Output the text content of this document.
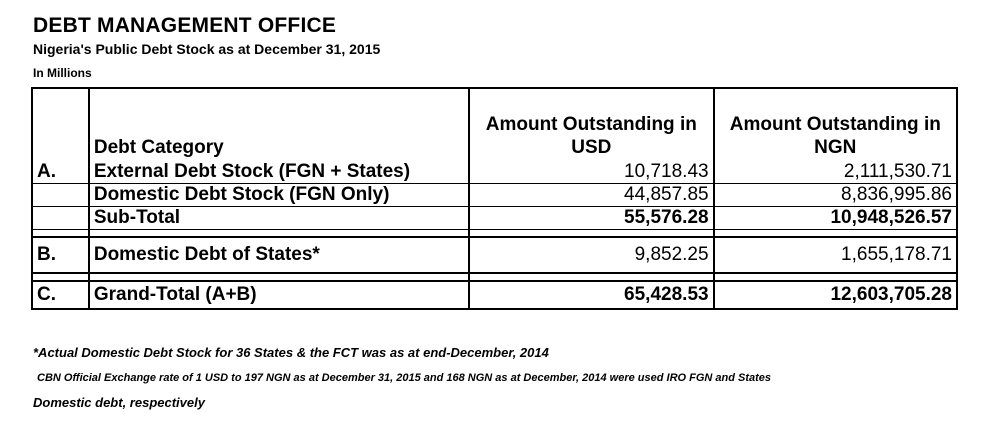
DEBT MANAGEMENT OFFICE
Nigeria's Public Debt Stock as at December 31, 2015
In Millions
	Debt Category	Amount Outstanding in USD	Amount Outstanding in NGN
A.	External Debt Stock (FGN + States)	10,718.43	2,111,530.71
	Domestic Debt Stock (FGN Only)	44,857.85	8,836,995.86
	Sub-Total	55,576.28	10,948,526.57

B.	Domestic Debt of States*	9,852.25	1,655,178.71

C.	Grand-Total (A+B)	65,428.53	12,603,705.28
*Actual Domestic Debt Stock for 36 States & the FCT was as at end-December, 2014
CBN Official Exchange rate of 1 USD to 197 NGN as at December 31, 2015 and 168 NGN as at December, 2014 were used IRO FGN and States
Domestic debt, respectively
